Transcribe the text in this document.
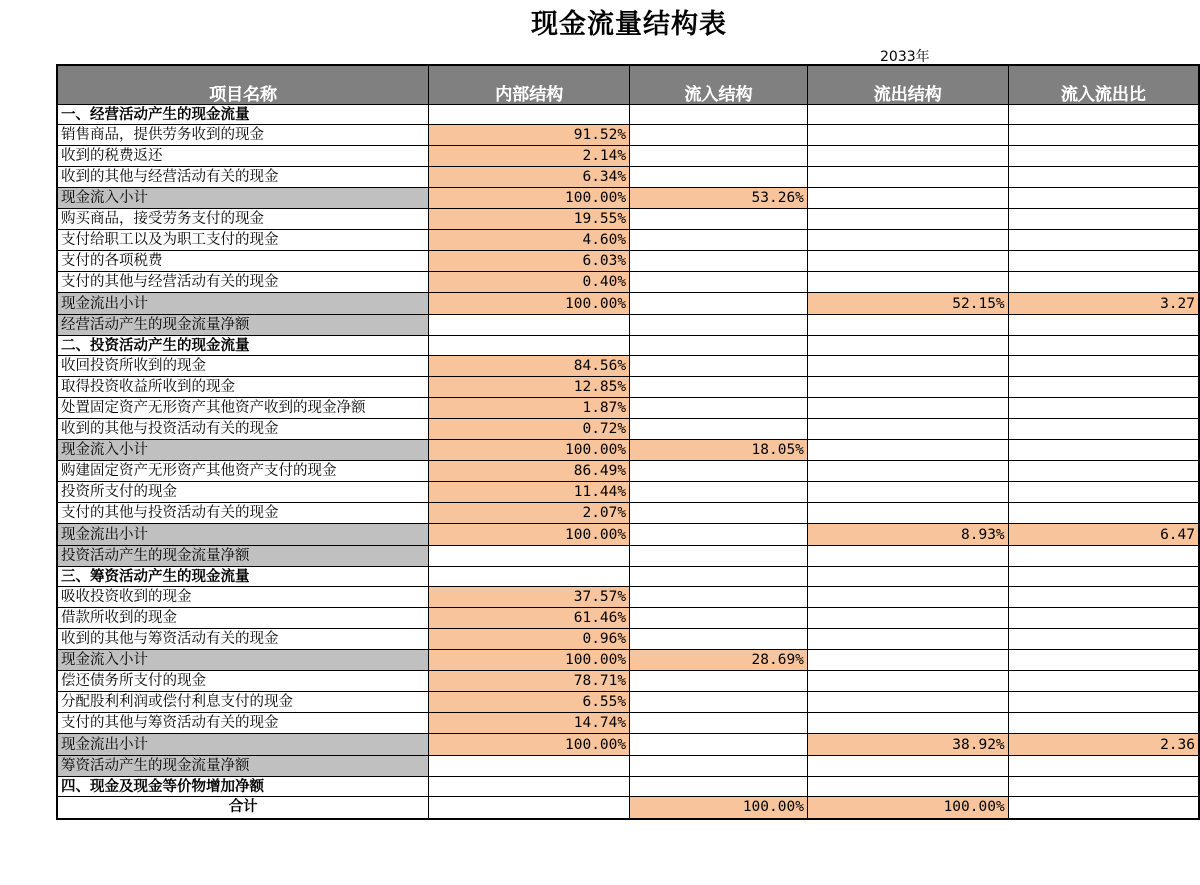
现金流量结构表
2033年
项目名称	内部结构	流入结构	流出结构	流入流出比
一、经营活动产生的现金流量				
销售商品，提供劳务收到的现金	91.52%			
收到的税费返还	2.14%			
收到的其他与经营活动有关的现金	6.34%			
现金流入小计	100.00%	53.26%		
购买商品，接受劳务支付的现金	19.55%			
支付给职工以及为职工支付的现金	4.60%			
支付的各项税费	6.03%			
支付的其他与经营活动有关的现金	0.40%			
现金流出小计	100.00%		52.15%	3.27
经营活动产生的现金流量净额				
二、投资活动产生的现金流量				
收回投资所收到的现金	84.56%			
取得投资收益所收到的现金	12.85%			
处置固定资产无形资产其他资产收到的现金净额	1.87%			
收到的其他与投资活动有关的现金	0.72%			
现金流入小计	100.00%	18.05%		
购建固定资产无形资产其他资产支付的现金	86.49%			
投资所支付的现金	11.44%			
支付的其他与投资活动有关的现金	2.07%			
现金流出小计	100.00%		8.93%	6.47
投资活动产生的现金流量净额				
三、筹资活动产生的现金流量				
吸收投资收到的现金	37.57%			
借款所收到的现金	61.46%			
收到的其他与筹资活动有关的现金	0.96%			
现金流入小计	100.00%	28.69%		
偿还债务所支付的现金	78.71%			
分配股利利润或偿付利息支付的现金	6.55%			
支付的其他与筹资活动有关的现金	14.74%			
现金流出小计	100.00%		38.92%	2.36
筹资活动产生的现金流量净额				
四、现金及现金等价物增加净额				
合计		100.00%	100.00%	
